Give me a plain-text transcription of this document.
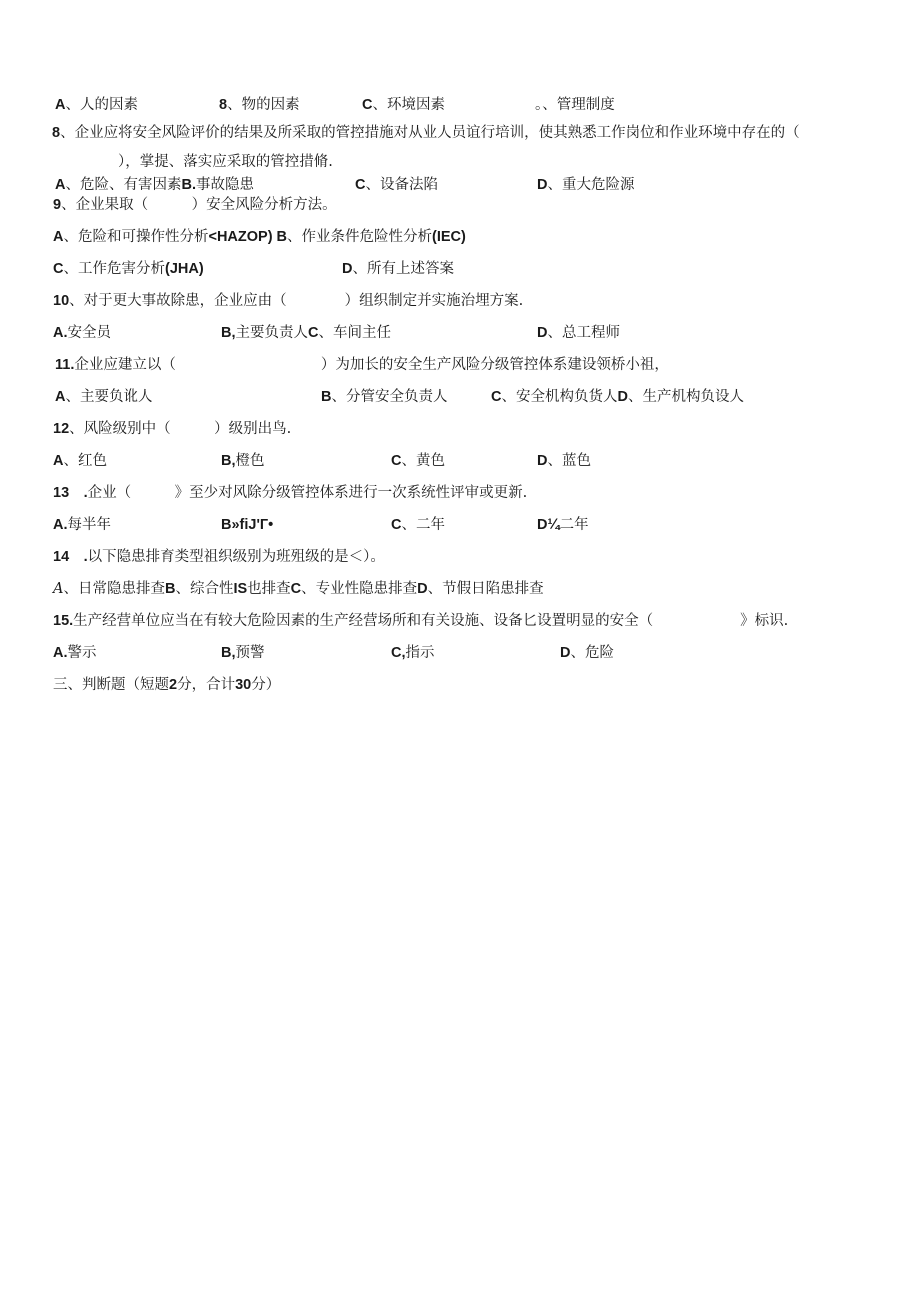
A、人的因素	8、物的因素	C、环境因素	。、管理制度
8、企业应将安全风险评价的结果及所采取的管控措施对从业人员谊行培训，使其熟悉工作岗位和作业环境中存在的（
），掌提、落实应采取的管控措脩.
A、危险、有害因素B.事故隐患	C、设备法陷	D、重大危险源
9、企业果取（　　　）安全风险分析方法。
A、危险和可操作性分析<HAZOP) B、作业条件危险性分析(IEC)
C、工作危害分析(JHA)	D、所有上述答案
10、对于更大事故除患，企业应由（　　　　）组织制定并实施治埋方案.
A.安全员	B,主要负责人C、车间主任	D、总工程师
11.企业应建立以（　　　　　　　　　　）为加长的安全生产风险分级管控体系建设领桥小祖，
A、主要负讹人	B、分管安全负责人	C、安全机构负货人D、生产机构负设人
12、风险级别中（　　　）级别出鸟.
A、红色	B,橙色	C、黄色	D、蓝色
13　.企业（　　　》至少对风除分级管控体系进行一次系统性评审或更新.
A.每半年	B»fiJ'Г•	C、二年	D¼二年
14　.以下隐患排育类型祖织级别为班殂级的是＜）。
A、日常隐患排查B、综合性IS也排查C、专业性隐患排查D、节假日陷患排查
15.生产经营单位应当在有较大危险因素的生产经营场所和有关设施、设备匕设置明显的安全（　　　　　　》标识.
A.警示	B,预警	C,指示	D、危险
三、判断题（短题2分，合计30分）
